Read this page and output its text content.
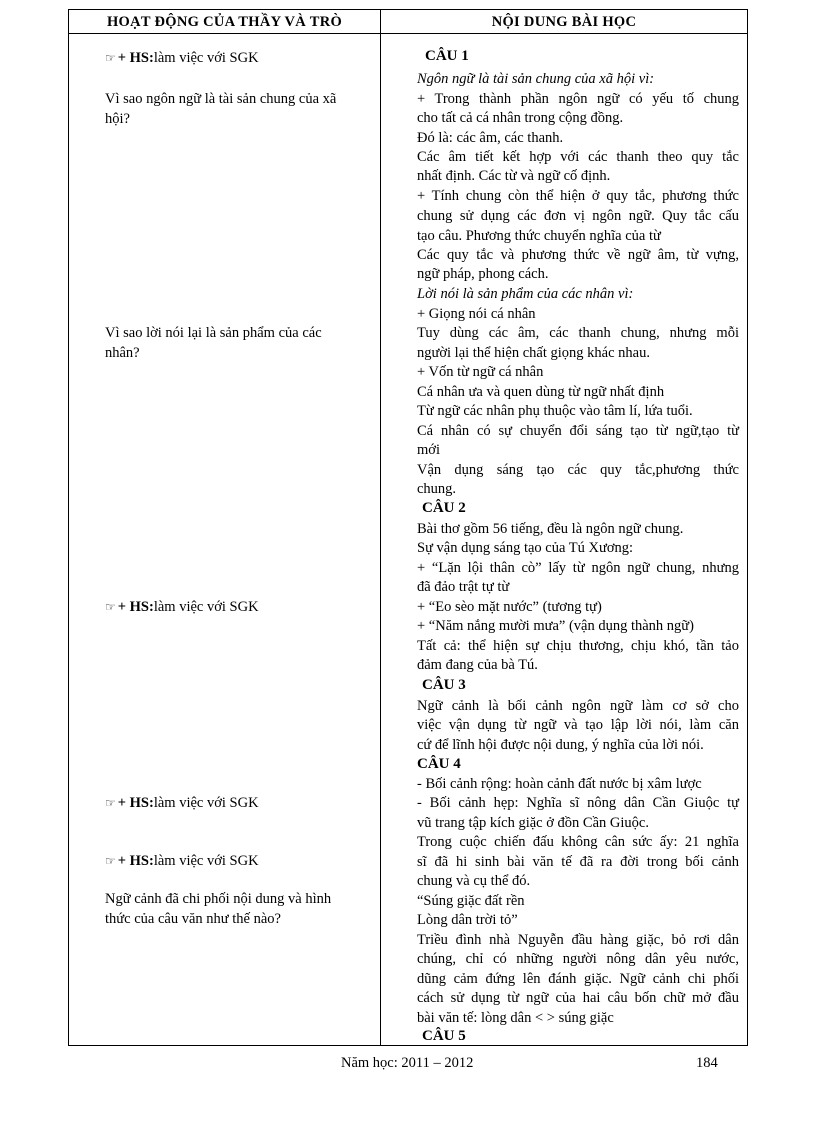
HOẠT ĐỘNG CỦA THẦY VÀ TRÒ	NỘI DUNG BÀI HỌC
☞ + HS:làm việc với SGK
Vì sao ngôn ngữ là tài sản chung của xã
hội?
Vì sao lời nói lại là sản phẩm của các
nhân?
☞ + HS:làm việc với SGK
☞ + HS:làm việc với SGK
☞ + HS:làm việc với SGK
Ngữ cảnh đã chi phối nội dung và hình
thức của câu văn như thế nào?
CÂU 1
Ngôn ngữ là tài sản chung của xã hội vì:
+ Trong thành phần ngôn ngữ có yếu tố chung
cho tất cả cá nhân trong cộng đồng.
Đó là: các âm, các thanh.
Các âm tiết kết hợp với các thanh theo quy tắc
nhất định. Các từ và ngữ cố định.
+ Tính chung còn thể hiện ở quy tắc, phương thức
chung sử dụng các đơn vị ngôn ngữ. Quy tắc cấu
tạo câu. Phương thức chuyển nghĩa của từ
Các quy tắc và phương thức về ngữ âm, từ vựng,
ngữ pháp, phong cách.
Lời nói là sản phẩm của các nhân vì:
+ Giọng nói cá nhân
Tuy dùng các âm, các thanh chung, nhưng mỗi
người lại thể hiện chất giọng khác nhau.
+ Vốn từ ngữ cá nhân
Cá nhân ưa và quen dùng từ ngữ nhất định
Từ ngữ các nhân phụ thuộc vào tâm lí, lứa tuổi.
Cá nhân có sự chuyển đổi sáng tạo từ ngữ,tạo từ
mới
Vận dụng sáng tạo các quy tắc,phương thức
chung.
CÂU 2
Bài thơ gồm 56 tiếng, đều là ngôn ngữ chung.
Sự vận dụng sáng tạo của Tú Xương:
+ “Lặn lội thân cò” lấy từ ngôn ngữ chung, nhưng
đã đảo trật tự từ
+ “Eo sèo mặt nước” (tương tự)
+ “Năm nắng mười mưa” (vận dụng thành ngữ)
Tất cả: thể hiện sự chịu thương, chịu khó, tần tảo
đảm đang của bà Tú.
CÂU 3
Ngữ cảnh là bối cảnh ngôn ngữ làm cơ sở cho
việc vận dụng từ ngữ và tạo lập lời nói, làm căn
cứ để lĩnh hội được nội dung, ý nghĩa của lời nói.
CÂU 4
- Bối cảnh rộng: hoàn cảnh đất nước bị xâm lược
- Bối cảnh hẹp: Nghĩa sĩ nông dân Cần Giuộc tự
vũ trang tập kích giặc ở đồn Cần Giuộc.
Trong cuộc chiến đấu không cân sức ấy: 21 nghĩa
sĩ đã hi sinh bài văn tế đã ra đời trong bối cảnh
chung và cụ thể đó.
“Súng giặc đất rền
Lòng dân trời tỏ”
Triều đình nhà Nguyễn đầu hàng giặc, bỏ rơi dân
chúng, chỉ có những người nông dân yêu nước,
dũng cảm đứng lên đánh giặc. Ngữ cảnh chi phối
cách sử dụng từ ngữ của hai câu bốn chữ mở đầu
bài văn tế: lòng dân < > súng giặc
CÂU 5
Năm học: 2011 – 2012	184
